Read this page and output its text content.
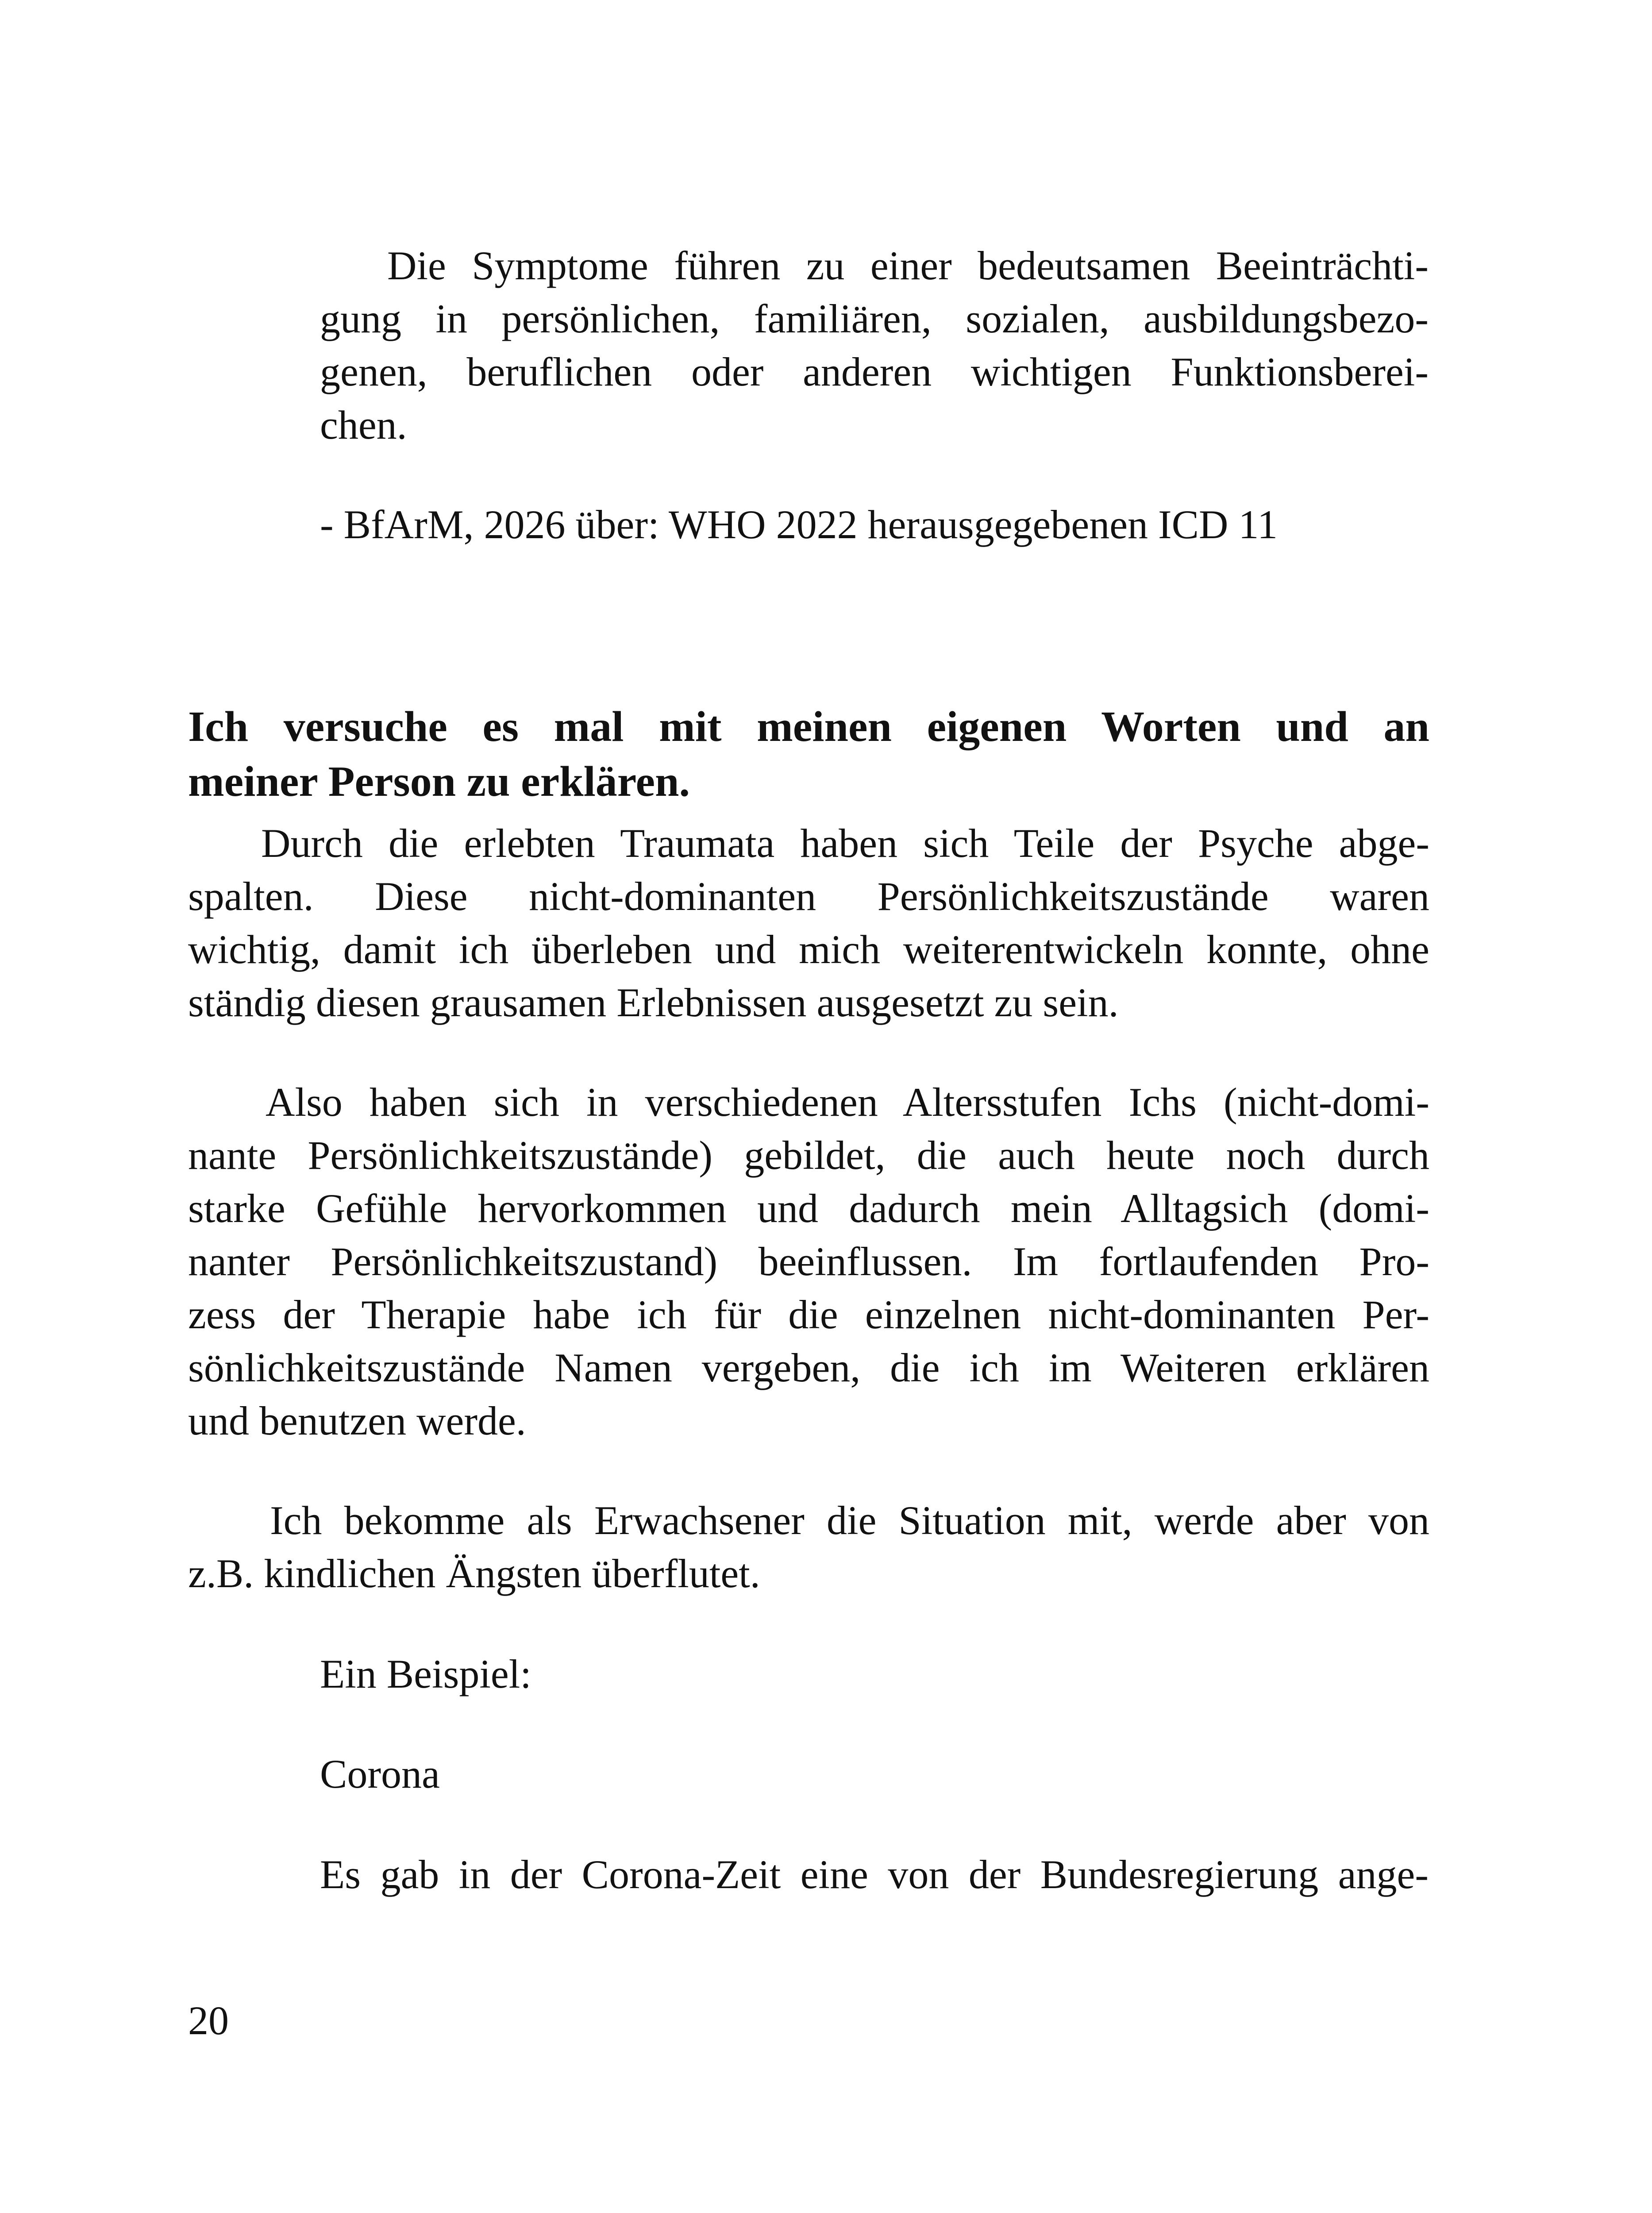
Die Symptome führen zu einer bedeutsamen Beeinträchti-

gung in persönlichen, familiären, sozialen, ausbildungsbezo-

genen, beruflichen oder anderen wichtigen Funktionsberei-

chen.

- BfArM, 2026 über: WHO 2022 herausgegebenen ICD 11

Ich versuche es mal mit meinen eigenen Worten und an

meiner Person zu erklären.

Durch die erlebten Traumata haben sich Teile der Psyche abge-

spalten. Diese nicht-dominanten Persönlichkeitszustände waren

wichtig, damit ich überleben und mich weiterentwickeln konnte, ohne

ständig diesen grausamen Erlebnissen ausgesetzt zu sein.

Also haben sich in verschiedenen Altersstufen Ichs (nicht-domi-

nante Persönlichkeitszustände) gebildet, die auch heute noch durch

starke Gefühle hervorkommen und dadurch mein Alltagsich (domi-

nanter Persönlichkeitszustand) beeinflussen. Im fortlaufenden Pro-

zess der Therapie habe ich für die einzelnen nicht-dominanten Per-

sönlichkeitszustände Namen vergeben, die ich im Weiteren erklären

und benutzen werde.

Ich bekomme als Erwachsener die Situation mit, werde aber von

z.B. kindlichen Ängsten überflutet.

Ein Beispiel:

Corona

Es gab in der Corona-Zeit eine von der Bundesregierung ange-

20
